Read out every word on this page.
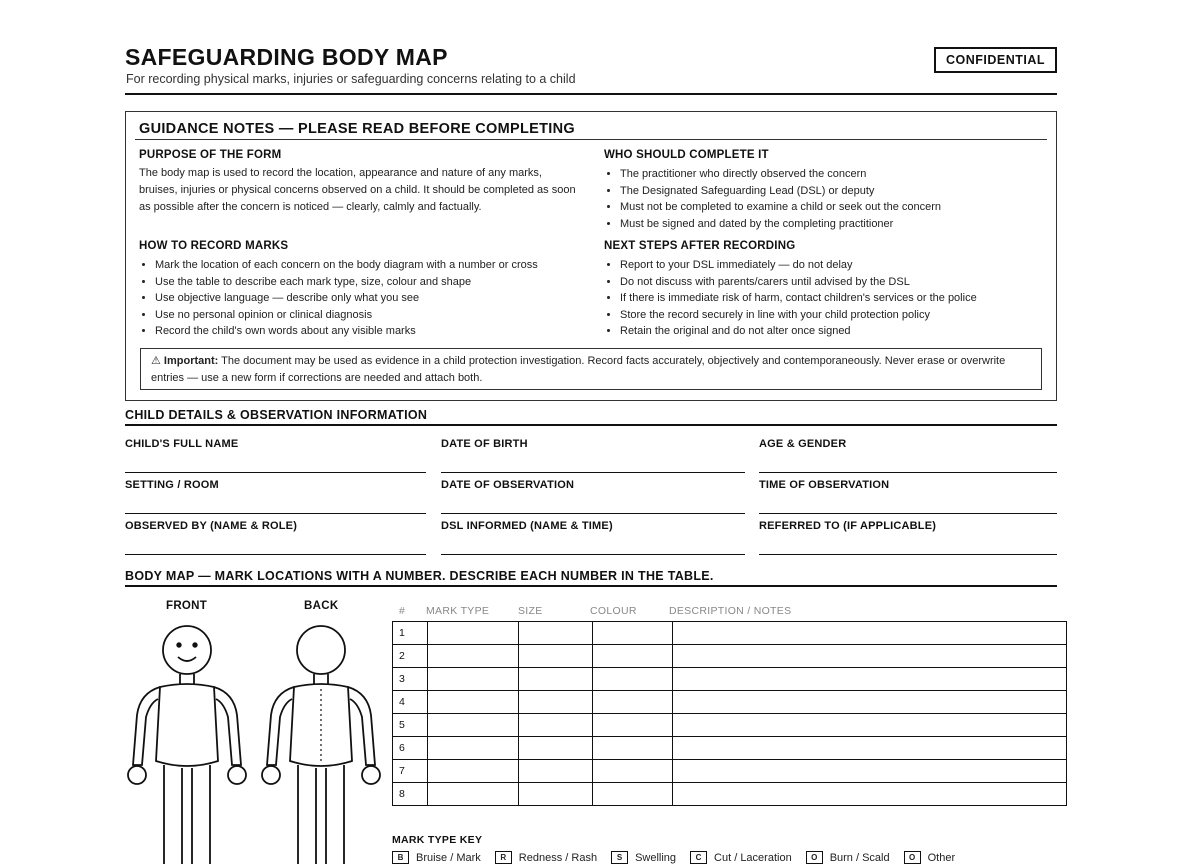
SAFEGUARDING BODY MAP
For recording physical marks, injuries or safeguarding concerns relating to a child
CONFIDENTIAL
GUIDANCE NOTES — PLEASE READ BEFORE COMPLETING
PURPOSE OF THE FORM
The body map is used to record the location, appearance and nature of any marks,
bruises, injuries or physical concerns observed on a child. It should be completed as soon
as possible after the concern is noticed — clearly, calmly and factually.
WHO SHOULD COMPLETE IT
• The practitioner who directly observed the concern
• The Designated Safeguarding Lead (DSL) or deputy
• Must not be completed to examine a child or seek out the concern
• Must be signed and dated by the completing practitioner
HOW TO RECORD MARKS
• Mark the location of each concern on the body diagram with a number or cross
• Use the table to describe each mark type, size, colour and shape
• Use objective language — describe only what you see
• Use no personal opinion or clinical diagnosis
• Record the child's own words about any visible marks
NEXT STEPS AFTER RECORDING
• Report to your DSL immediately — do not delay
• Do not discuss with parents/carers until advised by the DSL
• If there is immediate risk of harm, contact children's services or the police
• Store the record securely in line with your child protection policy
• Retain the original and do not alter once signed
⚠ Important: The document may be used as evidence in a child protection investigation. Record facts accurately, objectively and contemporaneously. Never erase or overwrite entries — use a new form if corrections are needed and attach both.
CHILD DETAILS & OBSERVATION INFORMATION
CHILD'S FULL NAME	DATE OF BIRTH	AGE & GENDER
SETTING / ROOM	DATE OF OBSERVATION	TIME OF OBSERVATION
OBSERVED BY (NAME & ROLE)	DSL INFORMED (NAME & TIME)	REFERRED TO (IF APPLICABLE)
BODY MAP — MARK LOCATIONS WITH A NUMBER. DESCRIBE EACH NUMBER IN THE TABLE.
FRONT	BACK	# MARK TYPE	SIZE	COLOUR	DESCRIPTION / NOTES
1				
2				
3				
4				
5				
6				
7				
8				
MARK TYPE KEY
B	Bruise / Mark	R	Redness / Rash	S	Swelling	C	Cut / Laceration	O	Burn / Scald	O	Other
